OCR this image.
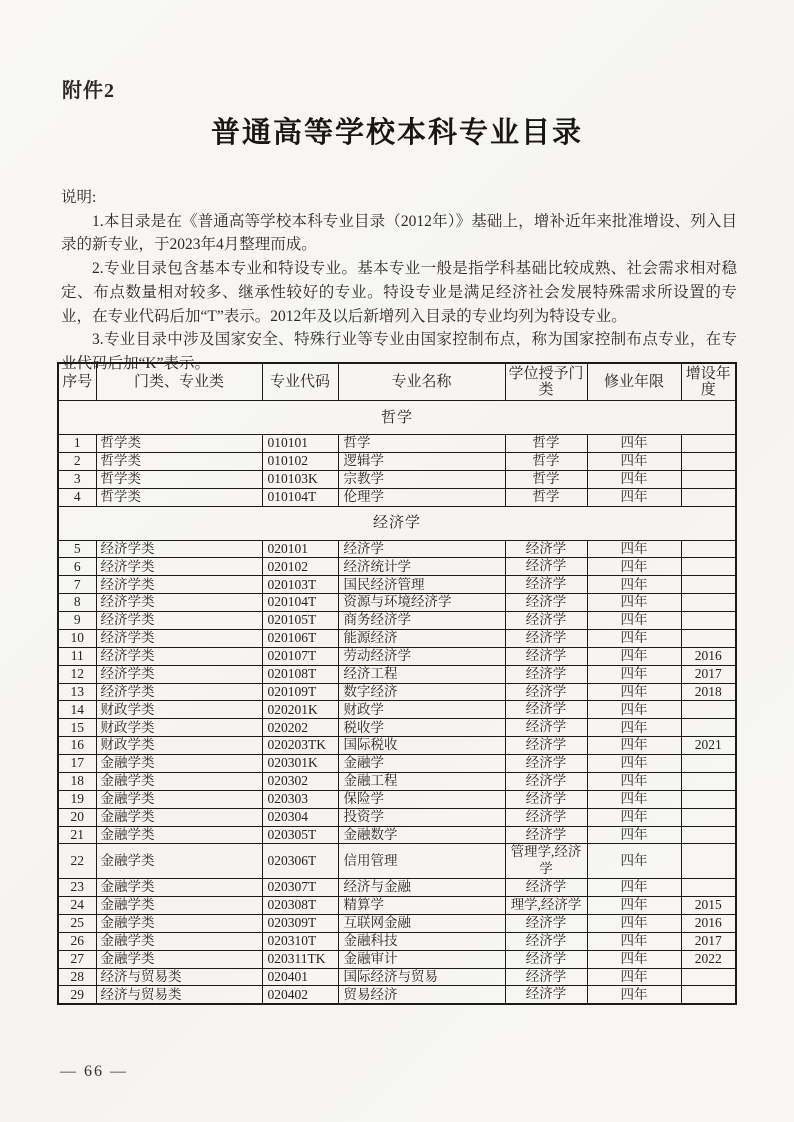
附件2
普通高等学校本科专业目录

说明:

1.本目录是在《普通高等学校本科专业目录（2012年）》基础上，增补近年来批准增设、列入目录的新专业，于2023年4月整理而成。

2.专业目录包含基本专业和特设专业。基本专业一般是指学科基础比较成熟、社会需求相对稳定、布点数量相对较多、继承性较好的专业。特设专业是满足经济社会发展特殊需求所设置的专业，在专业代码后加“T”表示。2012年及以后新增列入目录的专业均列为特设专业。

3.专业目录中涉及国家安全、特殊行业等专业由国家控制布点，称为国家控制布点专业，在专业代码后加“K”表示。

序号	门类、专业类	专业代码	专业名称	学位授予门类	修业年限	增设年度
哲学						
1	哲学类	010101	哲学	哲学	四年	
2	哲学类	010102	逻辑学	哲学	四年	
3	哲学类	010103K	宗教学	哲学	四年	
4	哲学类	010104T	伦理学	哲学	四年	
经济学						
5	经济学类	020101	经济学	经济学	四年	
6	经济学类	020102	经济统计学	经济学	四年	
7	经济学类	020103T	国民经济管理	经济学	四年	
8	经济学类	020104T	资源与环境经济学	经济学	四年	
9	经济学类	020105T	商务经济学	经济学	四年	
10	经济学类	020106T	能源经济	经济学	四年	
11	经济学类	020107T	劳动经济学	经济学	四年	2016
12	经济学类	020108T	经济工程	经济学	四年	2017
13	经济学类	020109T	数字经济	经济学	四年	2018
14	财政学类	020201K	财政学	经济学	四年	
15	财政学类	020202	税收学	经济学	四年	
16	财政学类	020203TK	国际税收	经济学	四年	2021
17	金融学类	020301K	金融学	经济学	四年	
18	金融学类	020302	金融工程	经济学	四年	
19	金融学类	020303	保险学	经济学	四年	
20	金融学类	020304	投资学	经济学	四年	
21	金融学类	020305T	金融数学	经济学	四年	
22	金融学类	020306T	信用管理	管理学,经济学	四年	
23	金融学类	020307T	经济与金融	经济学	四年	
24	金融学类	020308T	精算学	理学,经济学	四年	2015
25	金融学类	020309T	互联网金融	经济学	四年	2016
26	金融学类	020310T	金融科技	经济学	四年	2017
27	金融学类	020311TK	金融审计	经济学	四年	2022
28	经济与贸易类	020401	国际经济与贸易	经济学	四年	
29	经济与贸易类	020402	贸易经济	经济学	四年	
— 66 —
